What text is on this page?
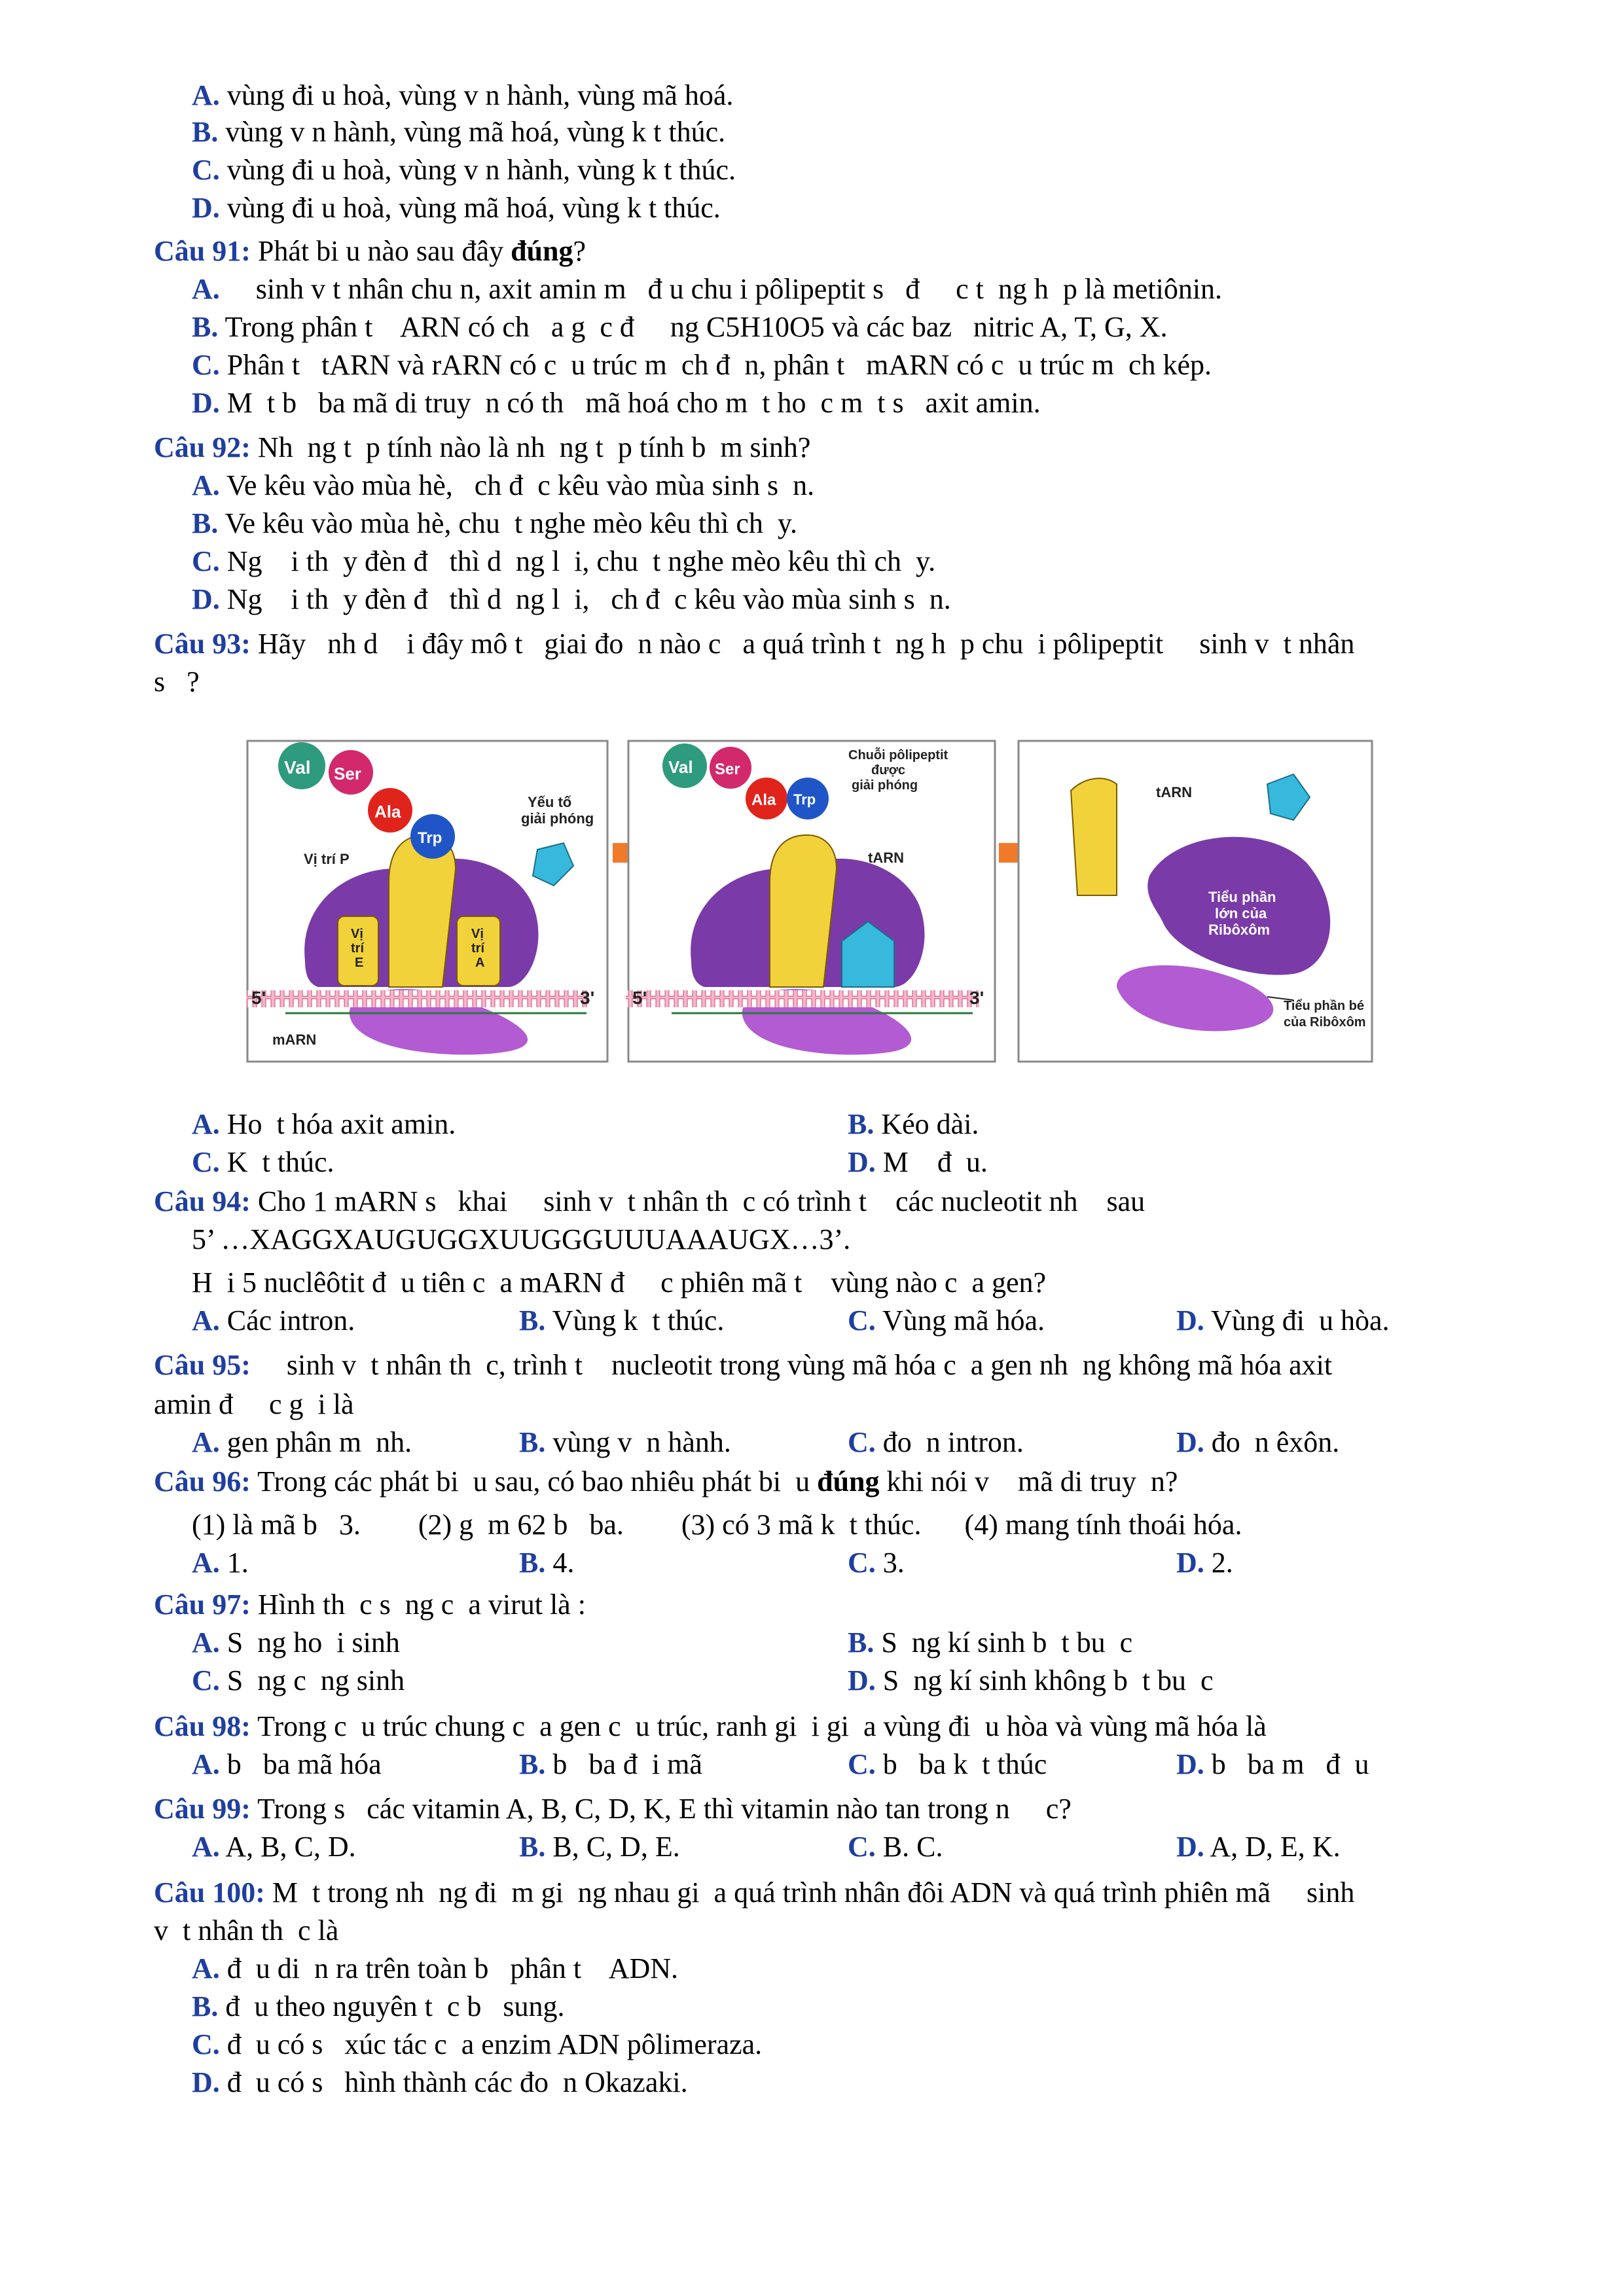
A. vùng đi u hoà, vùng v n hành, vùng mã hoá.
B. vùng v n hành, vùng mã hoá, vùng k t thúc.
C. vùng đi u hoà, vùng v n hành, vùng k t thúc.
D. vùng đi u hoà, vùng mã hoá, vùng k t thúc.
Câu 91: Phát bi u nào sau đây đúng?
A.     sinh v t nhân chu n, axit amin m   đ u chu i pôlipeptit s   đ     c t  ng h  p là metiônin.
B. Trong phân t    ARN có ch   a g  c đ     ng C5H10O5 và các baz   nitric A, T, G, X.
C. Phân t   tARN và rARN có c  u trúc m  ch đ  n, phân t   mARN có c  u trúc m  ch kép.
D. M  t b   ba mã di truy  n có th   mã hoá cho m  t ho  c m  t s   axit amin.
Câu 92: Nh  ng t  p tính nào là nh  ng t  p tính b  m sinh?
A. Ve kêu vào mùa hè,   ch đ  c kêu vào mùa sinh s  n.
B. Ve kêu vào mùa hè, chu  t nghe mèo kêu thì ch  y.
C. Ng    i th  y đèn đ   thì d  ng l  i, chu  t nghe mèo kêu thì ch  y.
D. Ng    i th  y đèn đ   thì d  ng l  i,   ch đ  c kêu vào mùa sinh s  n.
Câu 93: Hãy   nh d    i đây mô t   giai đo  n nào c   a quá trình t  ng h  p chu  i pôlipeptit     sinh v  t nhân
s   ?
Val Ser
Ala
Trp
Yếu tố
giải phóng
Vị trí P
Vị
trí
E
Vị
trí
A
5'	3'
mARN
Val Ser
Ala Trp
Chuỗi pôlipeptit
được
giải phóng
tARN
5'	3'
tARN
Tiểu phần
lớn của
Ribôxôm
Tiểu phần bé
của Ribôxôm
A. Ho  t hóa axit amin.	B. Kéo dài.
C. K  t thúc.	D. M    đ  u.
Câu 94: Cho 1 mARN s   khai     sinh v  t nhân th  c có trình t    các nucleotit nh    sau
5’ …XAGGXAUGUGGXUUGGGUUUAAAUGX…3’.
H  i 5 nuclêôtit đ  u tiên c  a mARN đ     c phiên mã t    vùng nào c  a gen?
A. Các intron.	B. Vùng k  t thúc.	C. Vùng mã hóa.	D. Vùng đi  u hòa.
Câu 95:     sinh v  t nhân th  c, trình t    nucleotit trong vùng mã hóa c  a gen nh  ng không mã hóa axit
amin đ     c g  i là
A. gen phân m  nh.	B. vùng v  n hành.	C. đo  n intron.	D. đo  n êxôn.
Câu 96: Trong các phát bi  u sau, có bao nhiêu phát bi  u đúng khi nói v    mã di truy  n?
(1) là mã b   3.        (2) g  m 62 b   ba.        (3) có 3 mã k  t thúc.      (4) mang tính thoái hóa.
A. 1.	B. 4.	C. 3.	D. 2.
Câu 97: Hình th  c s  ng c  a virut là :
A. S  ng ho  i sinh	B. S  ng kí sinh b  t bu  c
C. S  ng c  ng sinh	D. S  ng kí sinh không b  t bu  c
Câu 98: Trong c  u trúc chung c  a gen c  u trúc, ranh gi  i gi  a vùng đi  u hòa và vùng mã hóa là
A. b   ba mã hóa	B. b   ba đ  i mã	C. b   ba k  t thúc	D. b   ba m   đ  u
Câu 99: Trong s   các vitamin A, B, C, D, K, E thì vitamin nào tan trong n     c?
A. A, B, C, D.	B. B, C, D, E.	C. B. C.	D. A, D, E, K.
Câu 100: M  t trong nh  ng đi  m gi  ng nhau gi  a quá trình nhân đôi ADN và quá trình phiên mã     sinh
v  t nhân th  c là
A. đ  u di  n ra trên toàn b   phân t    ADN.
B. đ  u theo nguyên t  c b   sung.
C. đ  u có s   xúc tác c  a enzim ADN pôlimeraza.
D. đ  u có s   hình thành các đo  n Okazaki.
